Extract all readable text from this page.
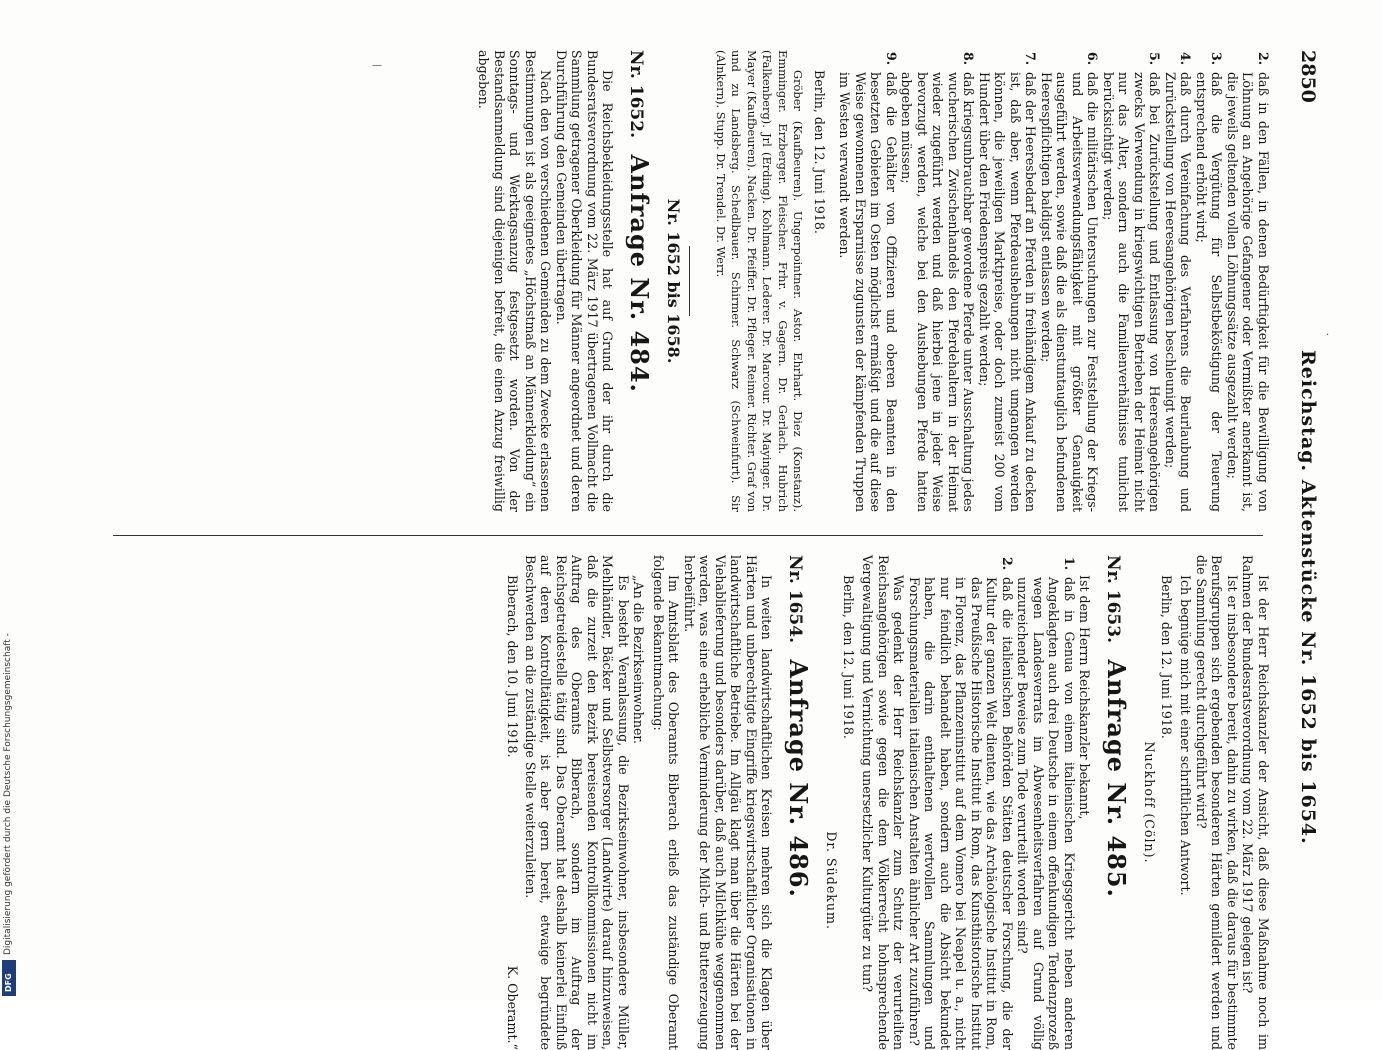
2850
Reichstag. Aktenstücke Nr. 1652 bis 1654.
2.

daß in den Fällen, in denen Bedürftigkeit für die Bewilligung von Löhnung an Angehörige Gefangener oder Vermißter anerkannt ist, die jeweils geltenden vollen Löhnungssätze ausgezahlt werden;

3.

daß die Vergütung für Selbstbeköstigung der Teuerung entsprechend erhöht wird;

4.

daß durch Vereinfachung des Verfahrens die Beurlaubung und Zurückstellung von Heeresangehörigen beschleunigt werden;

5.

daß bei Zurückstellung und Entlassung von Heeresangehörigen zwecks Verwendung in kriegswichtigen Betrieben der Heimat nicht nur das Alter, sondern auch die Familienverhältnisse tunlichst berücksichtigt werden;

6.

daß die militärischen Untersuchungen zur Feststellung der Kriegs- und Arbeitsverwendungsfähigkeit mit größter Genauigkeit ausgeführt werden, sowie daß die als dienstuntauglich befundenen Heerespflichtigen baldigst entlassen werden;

7.

daß der Heeresbedarf an Pferden in freihändigem Ankauf zu decken ist, daß aber, wenn Pferdeaushebungen nicht umgangen werden können, die jeweiligen Marktpreise, oder doch zumeist 200 vom Hundert über den Friedenspreis gezahlt werden;

8.

daß kriegsunbrauchbar gewordene Pferde unter Ausschaltung jedes wucherischen Zwischenhandels den Pferdehaltern in der Heimat wieder zugeführt werden und daß hierbei jene in jeder Weise bevorzugt werden, welche bei den Aushebungen Pferde hatten abgeben müssen;

9.

daß die Gehälter von Offizieren und oberen Beamten in den besetzten Gebieten im Osten möglichst ermäßigt und die auf diese Weise gewonnenen Ersparnisse zugunsten der kämpfenden Truppen im Westen verwandt werden.

Berlin, den 12. Juni 1918.

Gröber (Kaufbeuren). Ungerpointner. Astor. Ehrhart. Diez (Konstanz). Emminger. Erzberger. Fleischer. Frhr. v. Gagern. Dr. Gerlach. Hubrich (Falkenberg). Jrl (Erding). Kohlmann. Lederer. Dr. Marcour. Dr. Mayinger. Dr. Mayer (Kaufbeuren). Nacken. Dr. Pfeiffer. Dr. Pfleger. Reimer. Richter. Graf von und zu Landsberg. Schedlbauer. Schirmer. Schwarz (Schweinfurt). Sir (Alnkern). Stupp. Dr. Trendel. Dr. Werr.

Nr. 1652 bis 1658.
Nr. 1652. Anfrage Nr. 484.

Die Reichsbekleidungsstelle hat auf Grund der ihr durch die Bundesratsverordnung vom 22. März 1917 übertragenen Vollmacht die Sammlung getragener Oberkleidung für Männer angeordnet und deren Durchführung den Gemeinden übertragen.

Nach den von verschiedenen Gemeinden zu dem Zwecke erlassenen Bestimmungen ist als geeignetes „Höchstmaß an Männerkleidung“ ein Sonntags- und Werktagsanzug festgesetzt worden. Von der Bestandsanmeldung sind diejenigen befreit, die einen Anzug freiwillig abgeben.

Ist der Herr Reichskanzler der Ansicht, daß diese Maßnahme noch im Rahmen der Bundesratsverordnung vom 22. März 1917 gelegen ist?

Ist er insbesondere bereit, dahin zu wirken, daß die daraus für bestimmte Berufsgruppen sich ergebenden besonderen Härten gemildert werden und die Sammlung gerecht durchgeführt wird?

Ich begnüge mich mit einer schriftlichen Antwort.

Berlin, den 12. Juni 1918.

Nuckhoff (Cöln).

Nr. 1653. Anfrage Nr. 485.

Ist dem Herrn Reichskanzler bekannt,

1.

daß in Genua von einem italienischen Kriegsgericht neben anderen Angeklagten auch drei Deutsche in einem offenkundigen Tendenzprozeß wegen Landesverrats im Abwesenheitsverfahren auf Grund völlig unzureichender Beweise zum Tode verurteilt worden sind?

2.

daß die italienischen Behörden Stätten deutscher Forschung, die der Kultur der ganzen Welt dienten, wie das Archäologische Institut in Rom, das Preußische Historische Institut in Rom, das Kunsthistorische Institut in Florenz, das Pflanzeninstitut auf dem Vomero bei Neapel u. a., nicht nur feindlich behandelt haben, sondern auch die Absicht bekundet haben, die darin enthaltenen wertvollen Sammlungen und Forschungsmaterialien italienischen Anstalten ähnlicher Art zuzuführen?

Was gedenkt der Herr Reichskanzler zum Schutz der verurteilten Reichsangehörigen sowie gegen die dem Völkerrecht hohnsprechende Vergewaltigung und Vernichtung unersetzlicher Kulturgüter zu tun?

Berlin, den 12. Juni 1918.

Dr. Südekum.

Nr. 1654. Anfrage Nr. 486.

In weiten landwirtschaftlichen Kreisen mehren sich die Klagen über Härten und unberechtigte Eingriffe kriegswirtschaftlicher Organisationen in landwirtschaftliche Betriebe. Im Allgäu klagt man über die Härten bei der Viehablieferung und besonders darüber, daß auch Milchkühe weggenommen werden, was eine erhebliche Verminderung der Milch- und Buttererzeugung herbeiführt.

Im Amtsblatt des Oberamts Biberach erließ das zuständige Oberamt folgende Bekanntmachung:

„An die Bezirkseinwohner.

Es besteht Veranlassung, die Bezirkseinwohner, insbesondere Müller, Mehlhändler, Bäcker und Selbstversorger (Landwirte) darauf hinzuweisen, daß die zurzeit den Bezirk bereisenden Kontrollkommissionen nicht im Auftrag des Oberamts Biberach, sondern im Auftrag der Reichsgetreidestelle tätig sind. Das Oberamt hat deshalb keinerlei Einfluß auf deren Kontrolltätigkeit, ist aber gern bereit, etwaige begründete Beschwerden an die zuständige Stelle weiterzuleiten.

Biberach, den 10. Juni 1918.
K. Oberamt.“
—
·
Digitalisierung gefördert durch die Deutsche Forschungsgemeinschaft -
DFG
